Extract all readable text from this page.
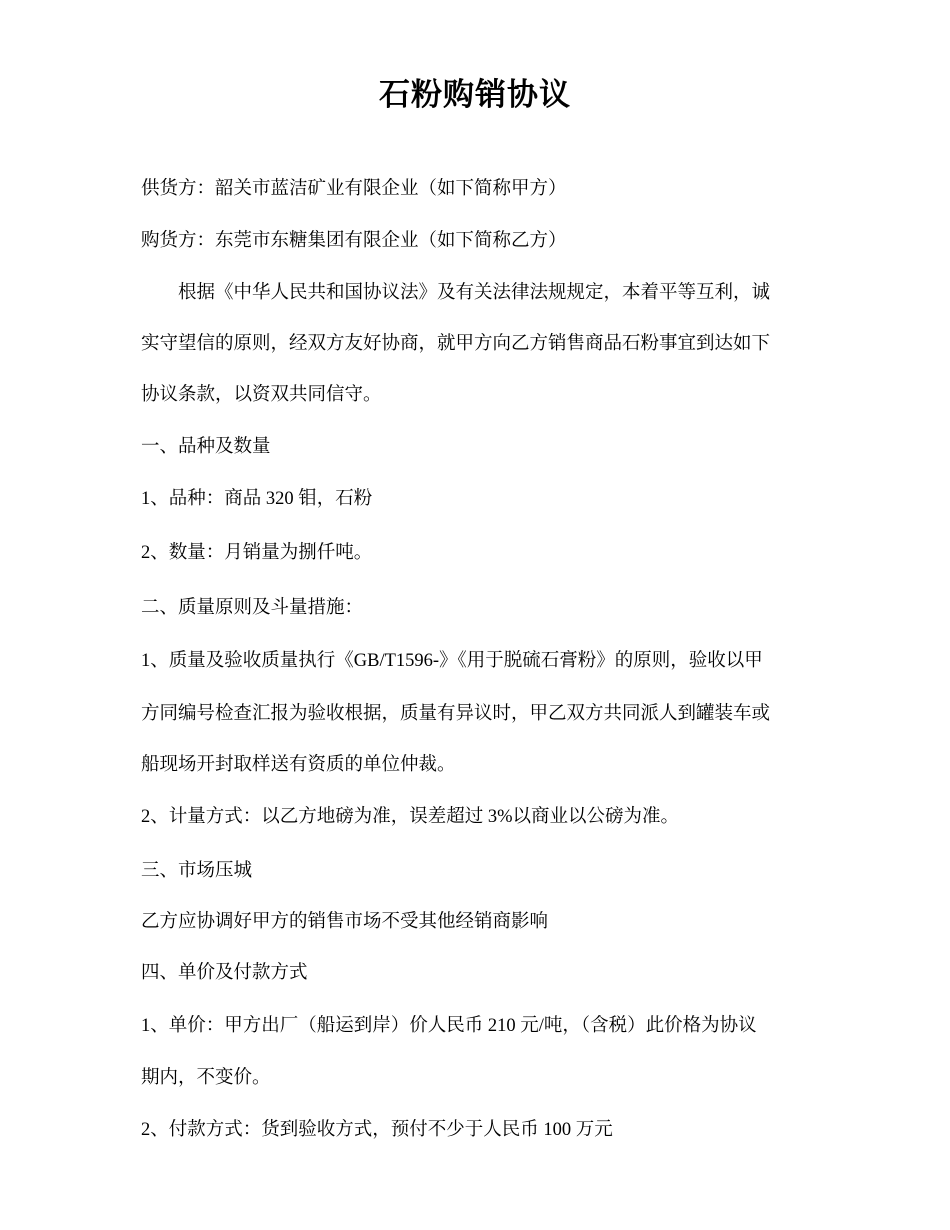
石粉购销协议
供货方：韶关市蓝洁矿业有限企业（如下简称甲方）
购货方：东莞市东糖集团有限企业（如下简称乙方）
根据《中华人民共和国协议法》及有关法律法规规定，本着平等互利，诚
实守望信的原则，经双方友好协商，就甲方向乙方销售商品石粉事宜到达如下
协议条款，以资双共同信守。
一、品种及数量
1、品种：商品 320 钼，石粉
2、数量：月销量为捌仟吨。
二、质量原则及斗量措施：
1、质量及验收质量执行《GB/T1596-》《用于脱硫石膏粉》的原则，验收以甲
方同编号检查汇报为验收根据，质量有异议时，甲乙双方共同派人到罐装车或
船现场开封取样送有资质的单位仲裁。
2、计量方式：以乙方地磅为准，误差超过 3%以商业以公磅为准。
三、市场压城
乙方应协调好甲方的销售市场不受其他经销商影响
四、单价及付款方式
1、单价：甲方出厂（船运到岸）价人民币 210 元/吨，（含税）此价格为协议
期内，不变价。
2、付款方式：货到验收方式，预付不少于人民币 100 万元
